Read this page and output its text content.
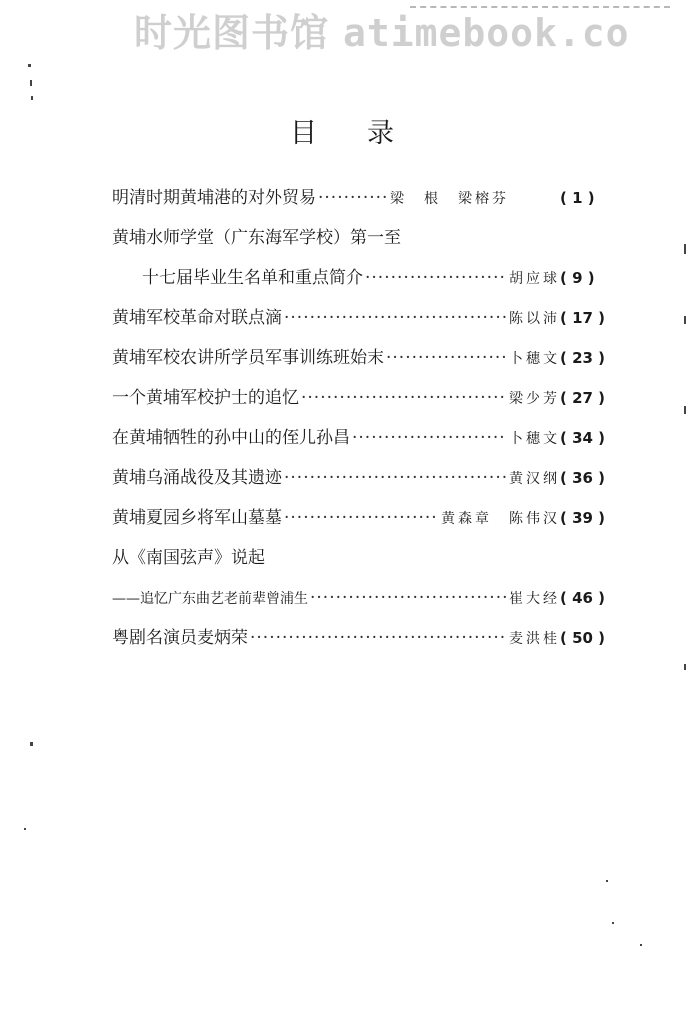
时光图书馆 atimebook.co
目录
明清时期黄埔港的对外贸易 ·····	梁　根　梁榕芬	( 1 )
黄埔水师学堂（广东海军学校）第一至
十七届毕业生名单和重点简介 ·····	胡应球 ( 9 )
黄埔军校革命对联点滴 ·····	陈以沛 ( 17 )
黄埔军校农讲所学员军事训练班始末 ·····	卜穗文 ( 23 )
一个黄埔军校护士的追忆 ·····	梁少芳 ( 27 )
在黄埔牺牲的孙中山的侄儿孙昌 ·····	卜穗文 ( 34 )
黄埔乌涌战役及其遗迹 ·····	黄汉纲 ( 36 )
黄埔夏园乡将军山墓墓 ·····	黄森章　陈伟汉 ( 39 )
从《南国弦声》说起
——追忆广东曲艺老前辈曾浦生 ·····	崔大经 ( 46 )
粤剧名演员麦炳荣 ·····	麦洪桂 ( 50 )
